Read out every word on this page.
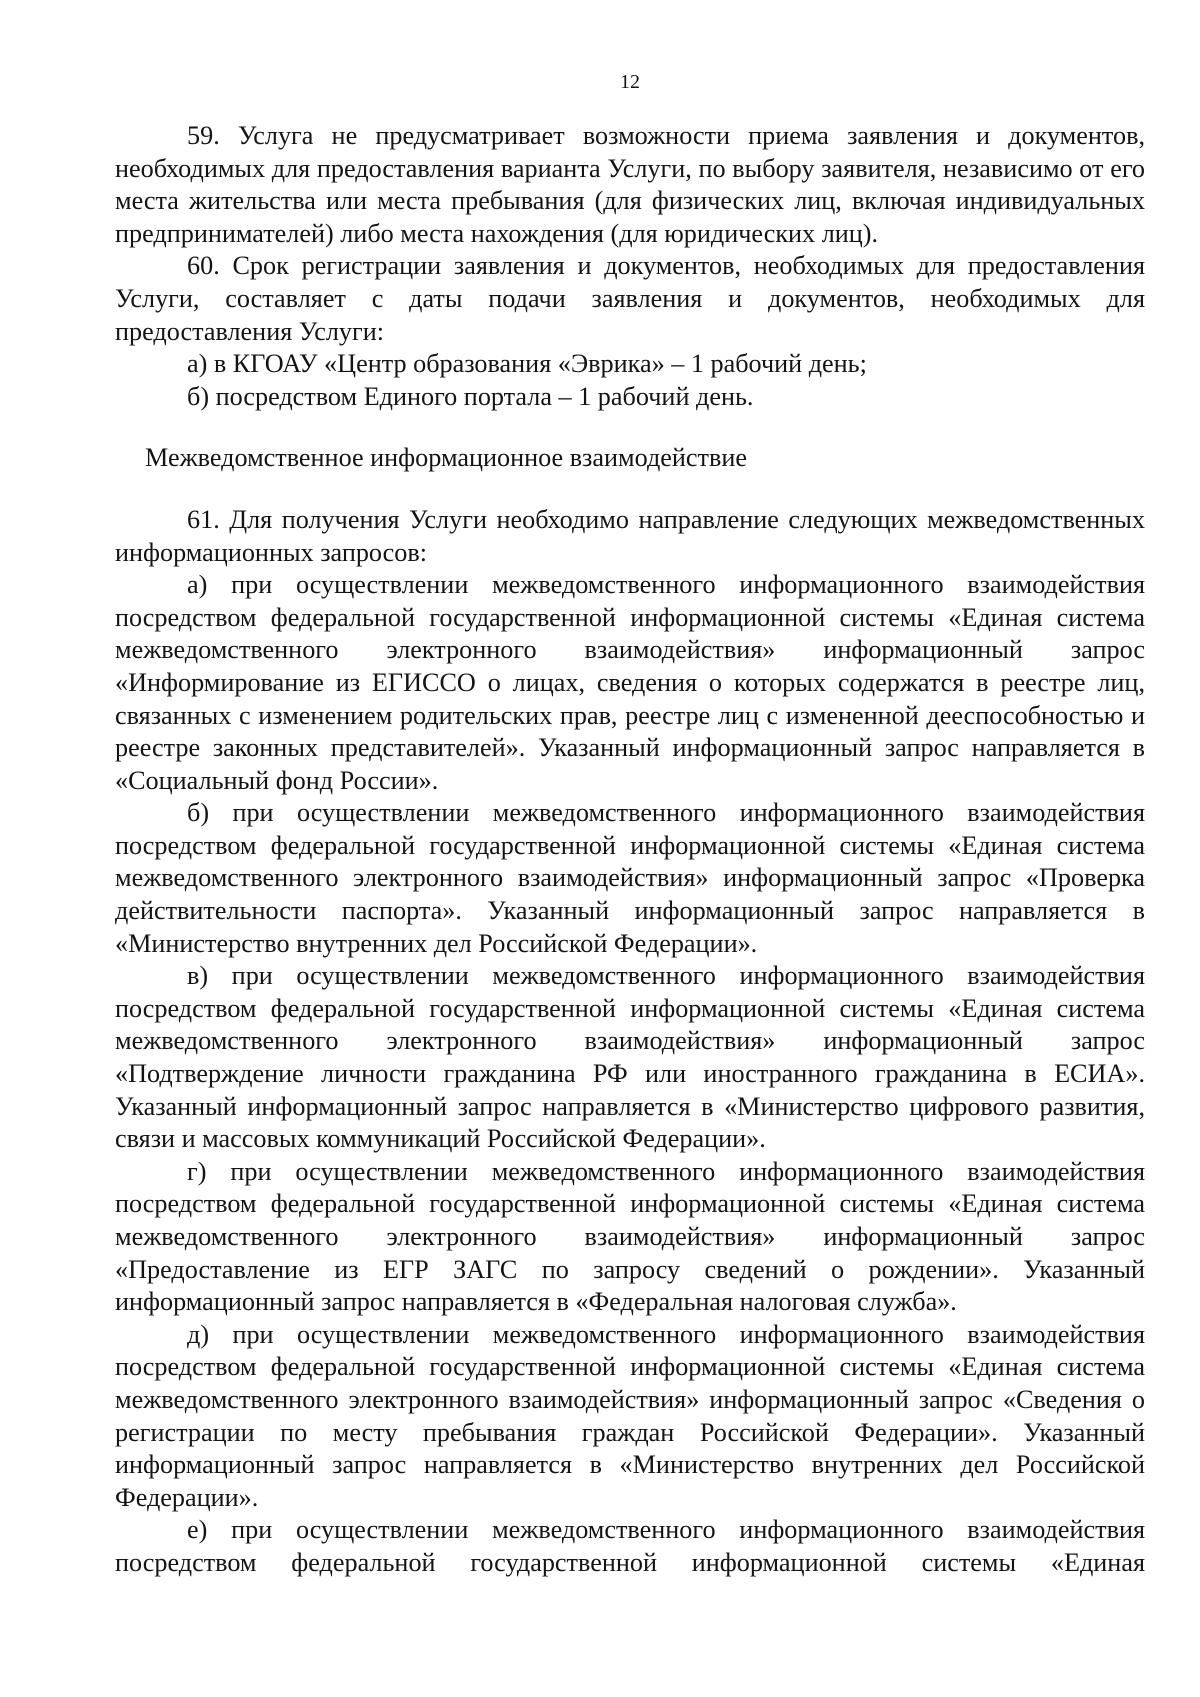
12

59. Услуга не предусматривает возможности приема заявления и документов, необходимых для предоставления варианта Услуги, по выбору заявителя, независимо от его места жительства или места пребывания (для физических лиц, включая индивидуальных предпринимателей) либо места нахождения (для юридических лиц).

60. Срок регистрации заявления и документов, необходимых для предоставления Услуги, составляет с даты подачи заявления и документов, необходимых для предоставления Услуги:

а) в КГОАУ «Центр образования «Эврика» – 1 рабочий день;

б) посредством Единого портала – 1 рабочий день.

Межведомственное информационное взаимодействие

61. Для получения Услуги необходимо направление следующих межведомственных информационных запросов:

а) при осуществлении межведомственного информационного взаимодействия посредством федеральной государственной информационной системы «Единая система межведомственного электронного взаимодействия» информационный запрос «Информирование из ЕГИССО о лицах, сведения о которых содержатся в реестре лиц, связанных с изменением родительских прав, реестре лиц с измененной дееспособностью и реестре законных представителей». Указанный информационный запрос направляется в «Социальный фонд России».

б) при осуществлении межведомственного информационного взаимодействия посредством федеральной государственной информационной системы «Единая система межведомственного электронного взаимодействия» информационный запрос «Проверка действительности паспорта». Указанный информационный запрос направляется в «Министерство внутренних дел Российской Федерации».

в) при осуществлении межведомственного информационного взаимодействия посредством федеральной государственной информационной системы «Единая система межведомственного электронного взаимодействия» информационный запрос «Подтверждение личности гражданина РФ или иностранного гражданина в ЕСИА». Указанный информационный запрос направляется в «Министерство цифрового развития, связи и массовых коммуникаций Российской Федерации».

г) при осуществлении межведомственного информационного взаимодействия посредством федеральной государственной информационной системы «Единая система межведомственного электронного взаимодействия» информационный запрос «Предоставление из ЕГР ЗАГС по запросу сведений о рождении». Указанный информационный запрос направляется в «Федеральная налоговая служба».

д) при осуществлении межведомственного информационного взаимодействия посредством федеральной государственной информационной системы «Единая система межведомственного электронного взаимодействия» информационный запрос «Сведения о регистрации по месту пребывания граждан Российской Федерации». Указанный информационный запрос направляется в «Министерство внутренних дел Российской Федерации».

е) при осуществлении межведомственного информационного взаимодействия посредством федеральной государственной информационной системы «Единая
